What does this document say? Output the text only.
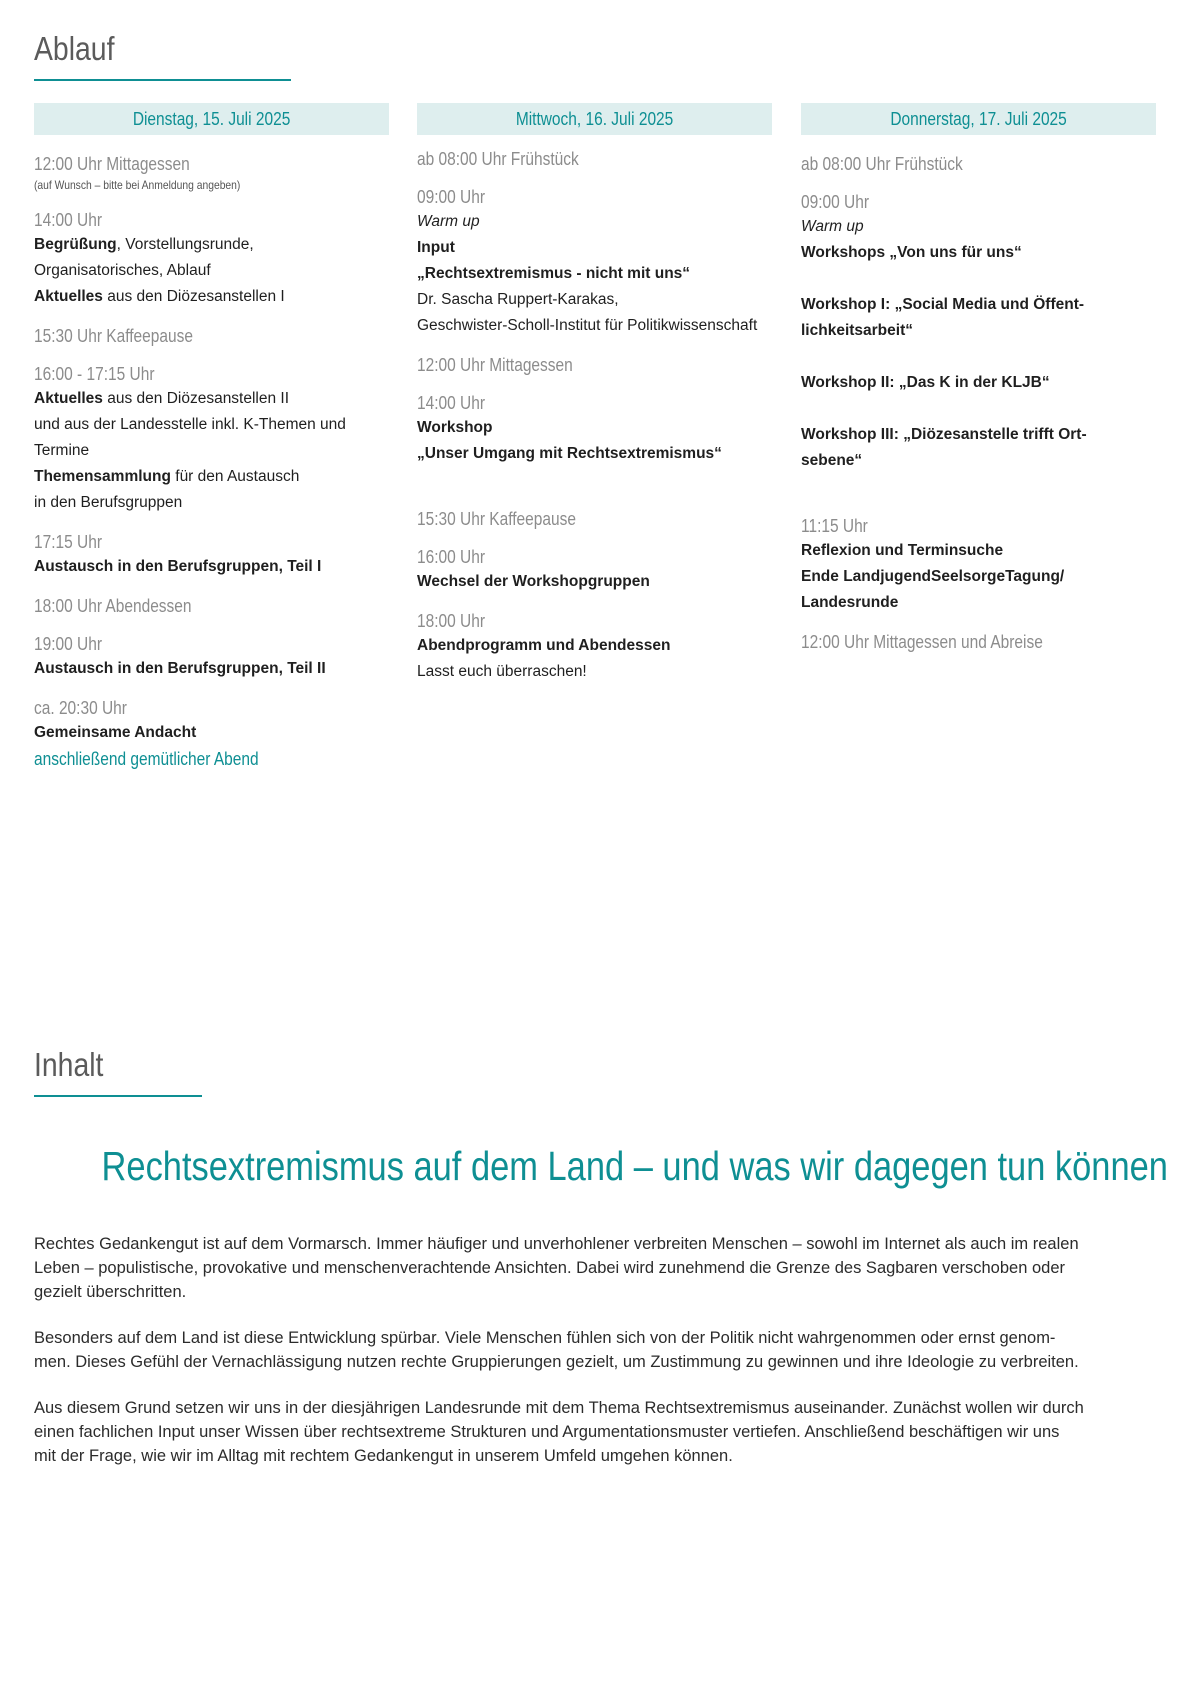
Ablauf
Dienstag, 15. Juli 2025
12:00 Uhr Mittagessen
(auf Wunsch – bitte bei Anmeldung angeben)
14:00 Uhr
Begrüßung, Vorstellungsrunde,
Organisatorisches, Ablauf
Aktuelles aus den Diözesanstellen I
15:30 Uhr Kaffeepause
16:00 - 17:15 Uhr
Aktuelles aus den Diözesanstellen II
und aus der Landesstelle inkl. K-Themen und
Termine
Themensammlung für den Austausch
in den Berufsgruppen
17:15 Uhr
Austausch in den Berufsgruppen, Teil I
18:00 Uhr Abendessen
19:00 Uhr
Austausch in den Berufsgruppen, Teil II
ca. 20:30 Uhr
Gemeinsame Andacht
anschließend gemütlicher Abend
Mittwoch, 16. Juli 2025
ab 08:00 Uhr Frühstück
09:00 Uhr
Warm up
Input
„Rechtsextremismus - nicht mit uns“
Dr. Sascha Ruppert-Karakas,
Geschwister-Scholl-Institut für Politikwissenschaft
12:00 Uhr Mittagessen
14:00 Uhr
Workshop
„Unser Umgang mit Rechtsextremismus“
15:30 Uhr Kaffeepause
16:00 Uhr
Wechsel der Workshopgruppen
18:00 Uhr
Abendprogramm und Abendessen
Lasst euch überraschen!
Donnerstag, 17. Juli 2025
ab 08:00 Uhr Frühstück
09:00 Uhr
Warm up
Workshops „Von uns für uns“

Workshop I: „Social Media und Öffent-
lichkeitsarbeit“

Workshop II: „Das K in der KLJB“

Workshop III: „Diözesanstelle trifft Ort-
sebene“
11:15 Uhr
Reflexion und Terminsuche
Ende LandjugendSeelsorgeTagung/
Landesrunde
12:00 Uhr Mittagessen und Abreise
Inhalt
Rechtsextremismus auf dem Land – und was wir dagegen tun können

Rechtes Gedankengut ist auf dem Vormarsch. Immer häufiger und unverhohlener verbreiten Menschen – sowohl im Internet als auch im realen
Leben – populistische, provokative und menschenverachtende Ansichten. Dabei wird zunehmend die Grenze des Sagbaren verschoben oder
gezielt überschritten.

Besonders auf dem Land ist diese Entwicklung spürbar. Viele Menschen fühlen sich von der Politik nicht wahrgenommen oder ernst genom-
men. Dieses Gefühl der Vernachlässigung nutzen rechte Gruppierungen gezielt, um Zustimmung zu gewinnen und ihre Ideologie zu verbreiten.

Aus diesem Grund setzen wir uns in der diesjährigen Landesrunde mit dem Thema Rechtsextremismus auseinander. Zunächst wollen wir durch
einen fachlichen Input unser Wissen über rechtsextreme Strukturen und Argumentationsmuster vertiefen. Anschließend beschäftigen wir uns
mit der Frage, wie wir im Alltag mit rechtem Gedankengut in unserem Umfeld umgehen können.
